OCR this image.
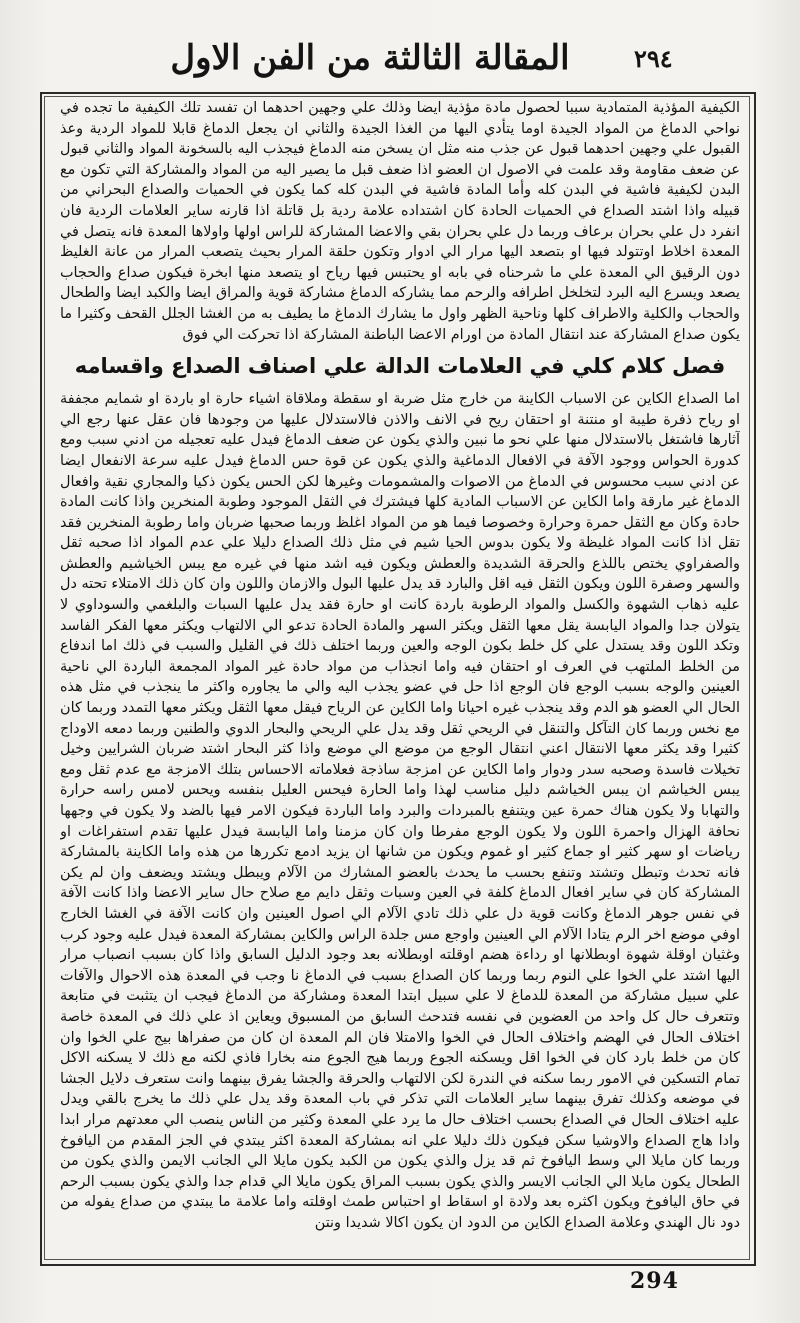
المقالة الثالثة من الفن الاول	٢٩٤

الكيفية المؤذية المتمادية سببا لحصول مادة مؤذية ايضا وذلك علي وجهين احدهما ان تفسد تلك الكيفية ما تجده في نواحي الدماغ من المواد الجيدة اوما يتأدي اليها من الغذا الجيدة والثاني ان يجعل الدماغ قابلا للمواد الردية وعذ القبول علي وجهين احدهما قبول عن جذب منه مثل ان يسخن منه الدماغ فيجذب اليه بالسخونة المواد والثاني قبول عن ضعف مقاومة وقد علمت في الاصول ان العضو اذا ضعف قبل ما يصير اليه من المواد والمشاركة التي تكون مع البدن لكيفية فاشية في البدن كله وأما المادة فاشية في البدن كله كما يكون في الحميات والصداع البحراني من قبيله واذا اشتد الصداع في الحميات الحادة كان اشتداده علامة ردية بل قاتلة اذا قارنه ساير العلامات الردية فان انفرد دل علي بحران برعاف وربما دل علي بحران بقي والاعضا المشاركة للراس اولها واولاها المعدة فانه يتصل في المعدة اخلاط اوتتولد فيها او بتصعد اليها مرار الي ادوار وتكون حلقة المرار بحيث يتصعب المرار من عانة الغليظ دون الرقيق الي المعدة علي ما شرحناه في بابه او يحتبس فيها رياح او يتصعد منها ابخرة فيكون صداع والحجاب يصعد ويسرع اليه البرد لتخلخل اطرافه والرحم مما يشاركه الدماغ مشاركة قوية والمراق ايضا والكبد ايضا والطحال والحجاب والكلية والاطراف كلها وناحية الظهر واول ما يشارك الدماغ ما يطيف به من الغشا الجلل القحف وكثيرا ما يكون صداع المشاركة عند انتقال المادة من اورام الاعضا الباطنة المشاركة اذا تحركت الي فوق

فصل كلام كلي في العلامات الدالة علي اصناف الصداع واقسامه

اما الصداع الكاين عن الاسباب الكاينة من خارج مثل ضربة او سقطة وملاقاة اشياء حارة او باردة او شمايم مجففة او رياح ذفرة طيبة او منتنة او احتقان ريح في الانف والاذن فالاستدلال عليها من وجودها فان عقل عنها رجع الي آثارها فاشتغل بالاستدلال منها علي نحو ما نبين والذي يكون عن ضعف الدماغ فيدل عليه تعجيله من ادني سبب ومع كدورة الحواس ووجود الآفة في الافعال الدماغية والذي يكون عن قوة حس الدماغ فيدل عليه سرعة الانفعال ايضا عن ادني سبب محسوس في الدماغ من الاصوات والمشمومات وغيرها لكن الحس يكون ذكيا والمجاري نقية وافعال الدماغ غير مارقة واما الكاين عن الاسباب المادية كلها فيشترك في الثقل الموجود وطوبة المنخرين واذا كانت المادة حادة وكان مع الثقل حمرة وحرارة وخصوصا فيما هو من المواد اغلظ وربما صحبها ضربان واما رطوبة المنخرين فقد تقل اذا كانت المواد غليظة ولا يكون بدوس الحيا شيم في مثل ذلك الصداع دليلا علي عدم المواد اذا صحبه ثقل والصفراوي يختص باللذع والحرقة الشديدة والعطش ويكون فيه اشد منها في غيره مع يبس الخياشيم والعطش والسهر وصفرة اللون ويكون الثقل فيه اقل والبارد قد يدل عليها البول والازمان واللون وان كان ذلك الامتلاء تحته دل عليه ذهاب الشهوة والكسل والمواد الرطوبة باردة كانت او حارة فقد يدل عليها السبات والبلغمي والسوداوي لا يتولان جدا والمواد اليابسة يقل معها الثقل ويكثر السهر والمادة الحادة تدعو الي الالتهاب ويكثر معها الفكر الفاسد وتكد اللون وقد يستدل علي كل خلط بكون الوجه والعين وربما اختلف ذلك في القليل والسبب في ذلك اما اندفاع من الخلط الملتهب في العرف او احتقان فيه واما انجذاب من مواد حادة غير المواد المجمعة الباردة الي ناحية العينين والوجه بسبب الوجع فان الوجع اذا حل في عضو يجذب اليه والي ما يجاوره واكثر ما ينجذب في مثل هذه الحال الي العضو هو الدم وقد ينجذب غيره احيانا واما الكاين عن الرياح فيقل معها الثقل ويكثر معها التمدد وربما كان مع نخس وربما كان التآكل والتنقل في الريحي ثقل وقد يدل علي الريحي والبحار الدوي والطنين وربما دمعه الاوداج كثيرا وقد يكثر معها الانتقال اعني انتقال الوجع من موضع الي موضع واذا كثر البحار اشتد ضربان الشرايين وخيل تخيلات فاسدة وصحبه سدر ودوار واما الكاين عن امزجة ساذجة فعلاماته الاحساس بتلك الامزجة مع عدم ثقل ومع يبس الخياشم ان يبس الخياشم دليل مناسب لهذا واما الحارة فيحس العليل بنفسه ويحس لامس راسه حرارة والتهابا ولا يكون هناك حمرة عين ويتنفع بالمبردات والبرد واما الباردة فيكون الامر فيها بالضد ولا يكون في وجهها نحافة الهزال واحمرة اللون ولا يكون الوجع مفرطا وان كان مزمنا واما اليابسة فيدل عليها تقدم استفراغات او رياضات او سهر كثير او جماع كثير او غموم ويكون من شانها ان يزيد ادمع تكررها من هذه واما الكاينة بالمشاركة فانه تحدث وتبطل وتشتد وتنفع بحسب ما يحدث بالعضو المشارك من الآلام ويبطل ويشتد ويضعف وان لم يكن المشاركة كان في ساير افعال الدماغ كلفة في العين وسبات وثقل دايم مع صلاح حال ساير الاعضا واذا كانت الآفة في نفس جوهر الدماغ وكانت قوية دل علي ذلك تادي الآلام الي اصول العينين وان كانت الآفة في الغشا الخارج اوفي موضع اخر الرم يتادا الآلام الي العينين واوجع مس جلدة الراس والكاين بمشاركة المعدة فيدل عليه وجود كرب وغثيان اوقلة شهوة اوبطلانها او رداءة هضم اوقلته اوبطلانه بعد وجود الدليل السابق واذا كان بسبب انصباب مرار اليها اشتد علي الخوا علي النوم ربما وربما كان الصداع بسبب في الدماغ نا وجب في المعدة هذه الاحوال والآفات علي سبيل مشاركة من المعدة للدماغ لا علي سبيل ابتدا المعدة ومشاركة من الدماغ فيجب ان يتثبت في متابعة وتتعرف حال كل واحد من العضوين في نفسه فتدحث السابق من المسبوق ويعاين اذ علي ذلك في المعدة خاصة اختلاف الحال في الهضم واختلاف الحال في الخوا والامتلا فان الم المعدة ان كان من صفراها بيج علي الخوا وان كان من خلط بارد كان في الخوا اقل ويسكنه الجوع وربما هيج الجوع منه بخارا فاذي لكنه مع ذلك لا يسكنه الاكل تمام التسكين في الامور ربما سكنه في الندرة لكن الالتهاب والحرقة والجشا يفرق بينهما وانت ستعرف دلايل الجشا في موضعه وكذلك تفرق بينهما ساير العلامات التي تذكر في باب المعدة وقد يدل علي ذلك ما يخرج بالقي ويدل عليه اختلاف الحال في الصداع بحسب اختلاف حال ما يرد علي المعدة وكثير من الناس ينصب الي معدتهم مرار ابدا وادا هاج الصداع والاوشيا سكن فيكون ذلك دليلا علي انه بمشاركة المعدة اكثر يبتدي في الجز المقدم من اليافوخ وربما كان مايلا الي وسط اليافوخ ثم قد يزل والذي يكون من الكبد يكون مايلا الي الجانب الايمن والذي يكون من الطحال يكون مايلا الي الجانب الايسر والذي يكون بسبب المراق يكون مايلا الي قدام جدا والذي يكون بسبب الرحم في حاق اليافوخ ويكون اكثره بعد ولادة او اسقاط او احتباس طمث اوقلته واما علامة ما يبتدي من صداع يفوله من دود نال الهندي وعلامة الصداع الكاين من الدود ان يكون اكالا شديدا ونتن

294
